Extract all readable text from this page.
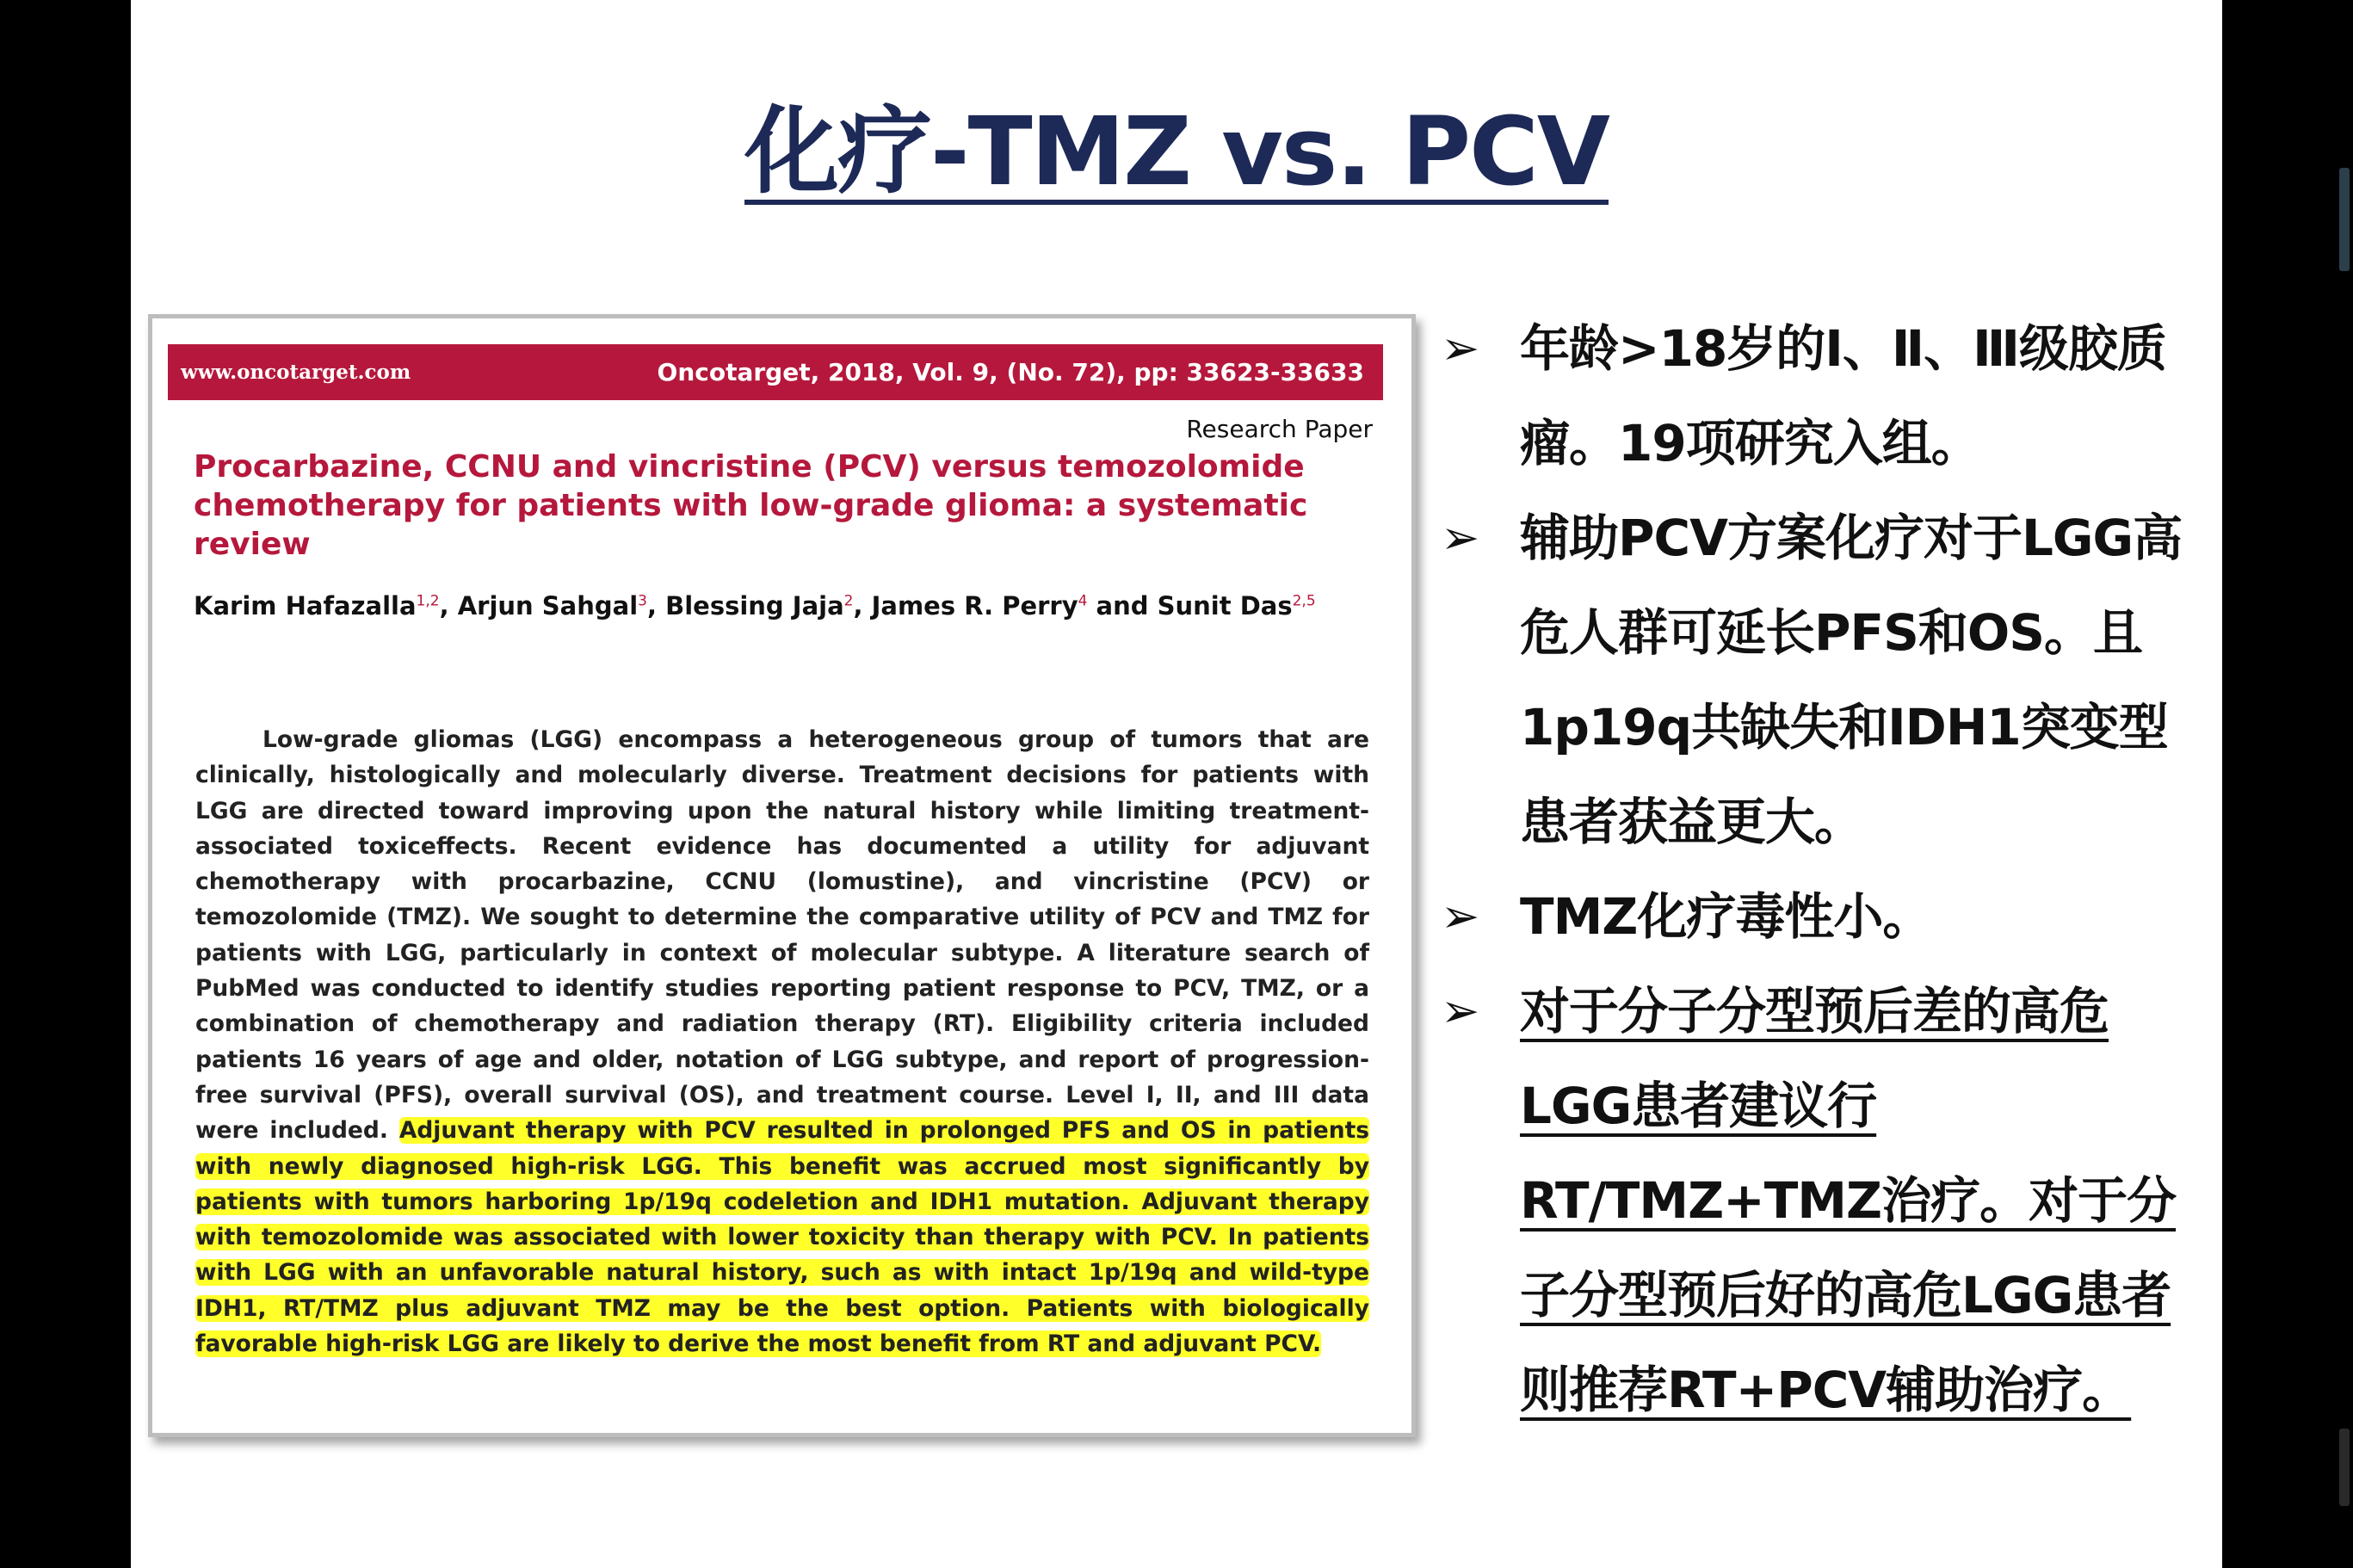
化疗-TMZ vs. PCV
www.oncotarget.com	Oncotarget, 2018, Vol. 9, (No. 72), pp: 33623-33633
Research Paper
Procarbazine, CCNU and vincristine (PCV) versus temozolomide chemotherapy for patients with low-grade glioma: a systematic review
Karim Hafazalla$^{1,2}$, Arjun Sahgal$^3$, Blessing Jaja$^2$, James R. Perry$^4$ and Sunit Das$^{2,5}$

Low-grade gliomas (LGG) encompass a heterogeneous group of tumors that are clinically, histologically and molecularly diverse. Treatment decisions for patients with LGG are directed toward improving upon the natural history while limiting treatment-associated toxiceffects. Recent evidence has documented a utility for adjuvant chemotherapy with procarbazine, CCNU (lomustine), and vincristine (PCV) or temozolomide (TMZ). We sought to determine the comparative utility of PCV and TMZ for patients with LGG, particularly in context of molecular subtype. A literature search of PubMed was conducted to identify studies reporting patient response to PCV, TMZ, or a combination of chemotherapy and radiation therapy (RT). Eligibility criteria included patients 16 years of age and older, notation of LGG subtype, and report of progression-free survival (PFS), overall survival (OS), and treatment course. Level I, II, and III data were included. Adjuvant therapy with PCV resulted in prolonged PFS and OS in patients with newly diagnosed high-risk LGG. This benefit was accrued most significantly by patients with tumors harboring 1p/19q codeletion and IDH1 mutation. Adjuvant therapy with temozolomide was associated with lower toxicity than therapy with PCV. In patients with LGG with an unfavorable natural history, such as with intact 1p/19q and wild-type IDH1, RT/TMZ plus adjuvant TMZ may be the best option. Patients with biologically favorable high-risk LGG are likely to derive the most benefit from RT and adjuvant PCV.

➢ 年龄>18岁的Ⅰ、Ⅱ、Ⅲ级胶质瘤。19项研究入组。
➢ 辅助PCV方案化疗对于LGG高危人群可延长PFS和OS。且1p19q共缺失和IDH1突变型患者获益更大。
➢ TMZ化疗毒性小。
➢ 对于分子分型预后差的高危LGG患者建议行RT/TMZ+TMZ治疗。对于分子分型预后好的高危LGG患者则推荐RT+PCV辅助治疗。
